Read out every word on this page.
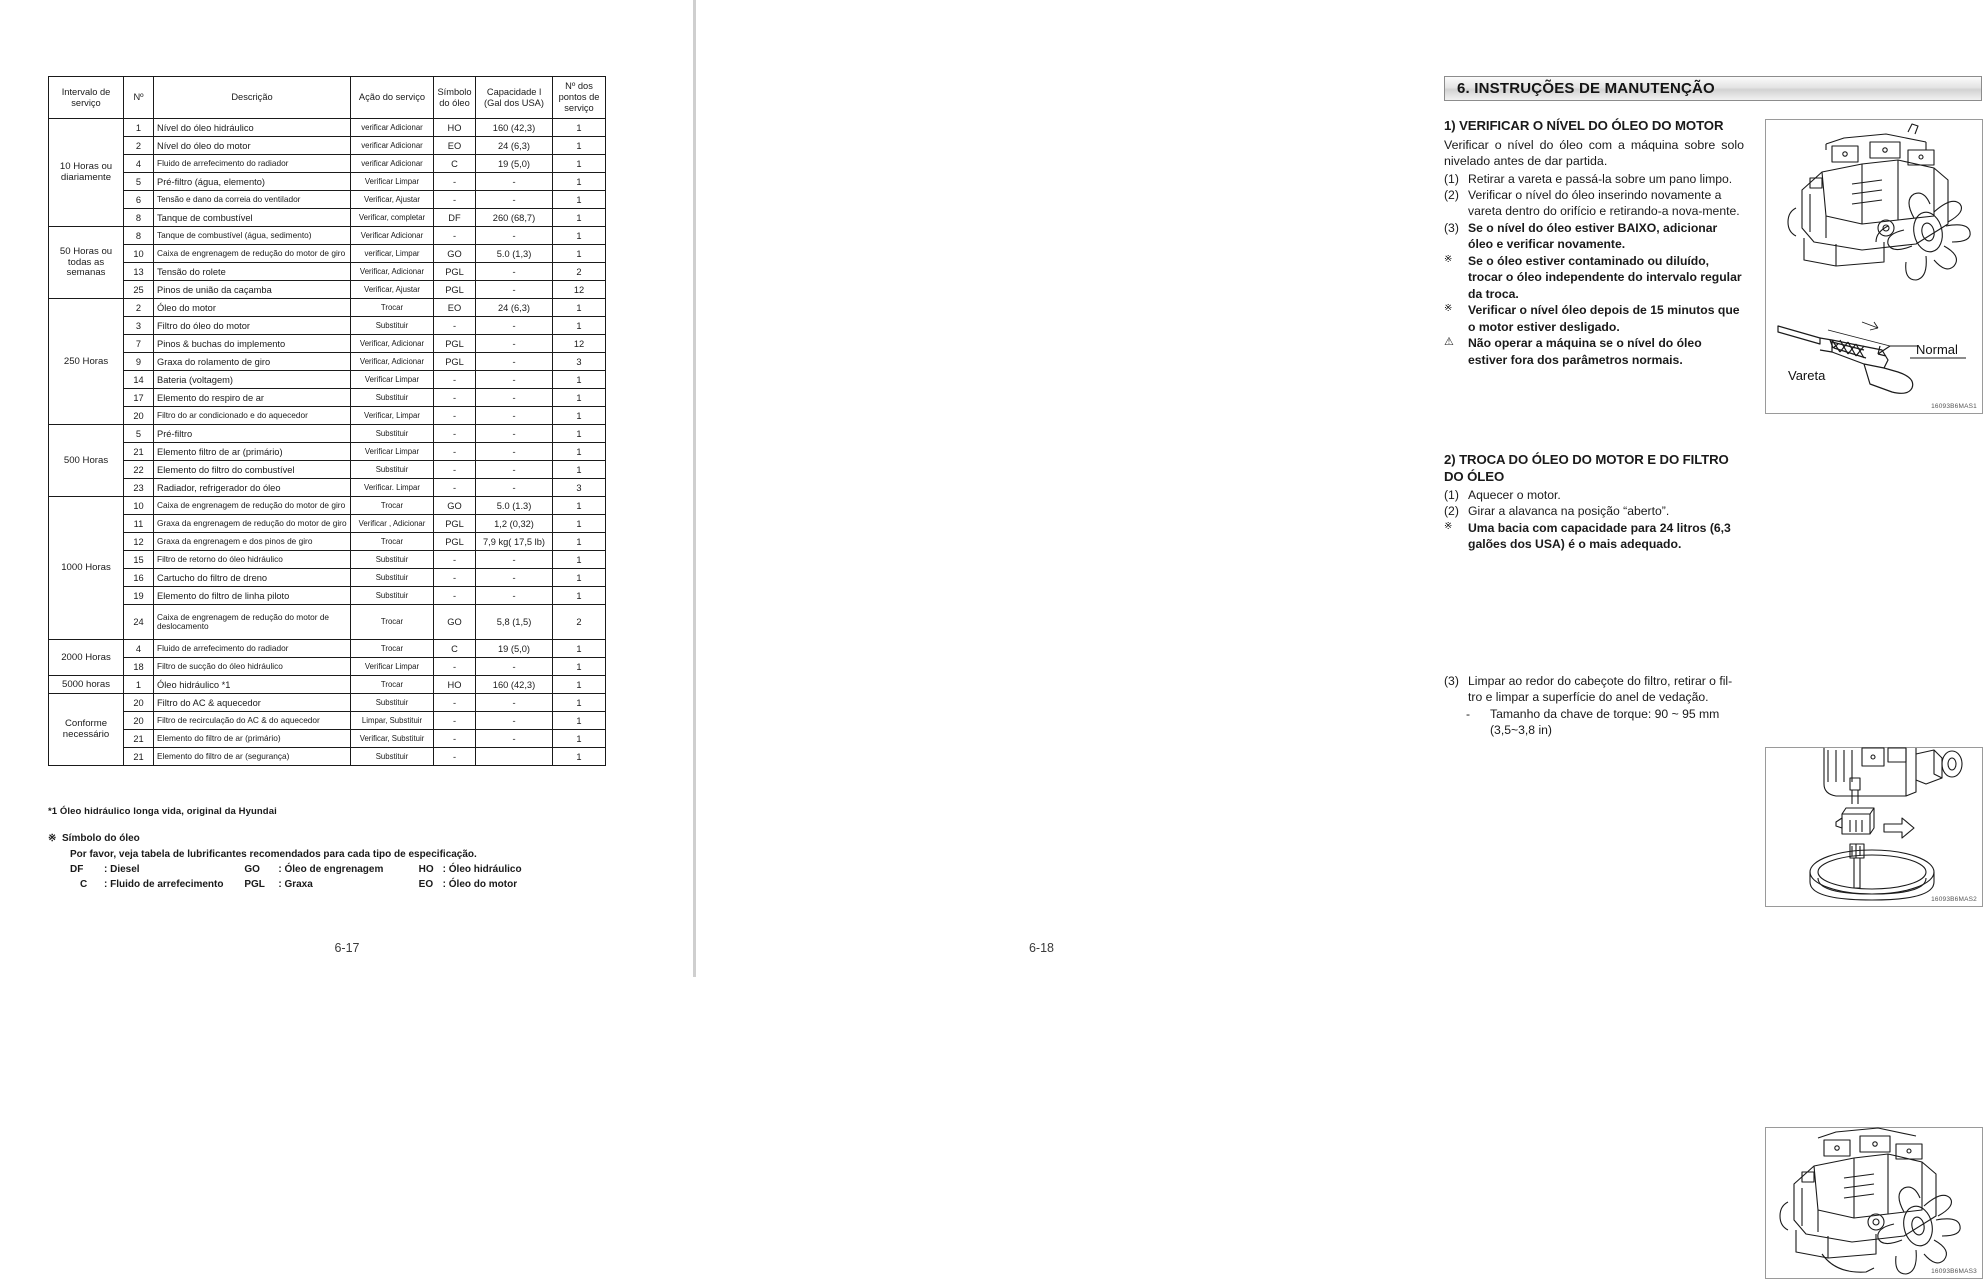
Intervalo de serviço	Nº	Descrição	Ação do serviço	Símbolo do óleo	Capacidade l (Gal dos USA)	Nº dos pontos de serviço
10 Horas ou diariamente	1	Nível do óleo hidráulico	verificar Adicionar	HO	160 (42,3)	1
	2	Nível do óleo do motor	verificar Adicionar	EO	24 (6,3)	1
	4	Fluido de arrefecimento do radiador	verificar Adicionar	C	19 (5,0)	1
	5	Pré-filtro (água, elemento)	Verificar Limpar	-	-	1
	6	Tensão e dano da correia do ventilador	Verificar, Ajustar	-	-	1
	8	Tanque de combustível	Verificar, completar	DF	260 (68,7)	1
50 Horas ou todas as semanas	8	Tanque de combustível (água, sedimento)	Verificar Adicionar	-	-	1
	10	Caixa de engrenagem de redução do motor de giro	verificar, Limpar	GO	5.0 (1,3)	1
	13	Tensão do rolete	Verificar, Adicionar	PGL	-	2
	25	Pinos de união da caçamba	Verificar, Ajustar	PGL	-	12
250 Horas	2	Óleo do motor	Trocar	EO	24 (6,3)	1
	3	Filtro do óleo do motor	Substituir	-	-	1
	7	Pinos & buchas do implemento	Verificar, Adicionar	PGL	-	12
	9	Graxa do rolamento de giro	Verificar, Adicionar	PGL	-	3
	14	Bateria (voltagem)	Verificar Limpar	-	-	1
	17	Elemento do respiro de ar	Substituir	-	-	1
	20	Filtro do ar condicionado e do aquecedor	Verificar, Limpar	-	-	1
500 Horas	5	Pré-filtro	Substituir	-	-	1
	21	Elemento filtro de ar (primário)	Verificar Limpar	-	-	1
	22	Elemento do filtro do combustível	Substituir	-	-	1
	23	Radiador, refrigerador do óleo	Verificar. Limpar	-	-	3
1000 Horas	10	Caixa de engrenagem de redução do motor de giro	Trocar	GO	5.0 (1.3)	1
	11	Graxa da engrenagem de redução do motor de giro	Verificar , Adicionar	PGL	1,2 (0,32)	1
	12	Graxa da engrenagem e dos pinos de giro	Trocar	PGL	7,9 kg( 17,5 lb)	1
	15	Filtro de retorno do óleo hidráulico	Substituir	-	-	1
	16	Cartucho do filtro de dreno	Substituir	-	-	1
	19	Elemento do filtro de linha piloto	Substituir	-	-	1
	24	Caixa de engrenagem de redução do motor de deslocamento	Trocar	GO	5,8 (1,5)	2
2000 Horas	4	Fluido de arrefecimento do radiador	Trocar	C	19 (5,0)	1
	18	Filtro de sucção do óleo hidráulico	Verificar Limpar	-	-	1
5000 horas	1	Óleo hidráulico *1	Trocar	HO	160 (42,3)	1
Conforme necessário	20	Filtro do AC & aquecedor	Substituir	-	-	1
	20	Filtro de recirculação do AC & do aquecedor	Limpar, Substituir	-	-	1
	21	Elemento do filtro de ar (primário)	Verificar, Substituir	-	-	1
	21	Elemento do filtro de ar (segurança)	Substituir	-		1
*1 Óleo hidráulico longa vida, original da Hyundai
※ Símbolo do óleo
Por favor, veja tabela de lubrificantes recomendados para cada tipo de especificação.
DF : Diesel	GO : Óleo de engrenagem	HO : Óleo hidráulico
C : Fluido de arrefecimento	PGL : Graxa	EO : Óleo do motor
6-17
6. INSTRUÇÕES DE MANUTENÇÃO
1) VERIFICAR O NÍVEL DO ÓLEO DO MOTOR

Verificar o nível do óleo com a máquina sobre solo nivelado antes de dar partida.

(1) Retirar a vareta e passá-la sobre um pano limpo.
(2) Verificar o nível do óleo inserindo novamente a vareta dentro do orifício e retirando-a nova-mente.
(3) Se o nível do óleo estiver BAIXO, adicionar óleo e verificar novamente.
※	Se o óleo estiver contaminado ou diluído, trocar o óleo independente do intervalo regular da troca.
※	Verificar o nível óleo depois de 15 minutos que o motor estiver desligado.
⚠	Não operar a máquina se o nível do óleo estiver fora dos parâmetros normais.
Normal
Vareta
16093B6MAS1
2) TROCA DO ÓLEO DO MOTOR E DO FILTRO DO ÓLEO
(1) Aquecer o motor.
(2) Girar a alavanca na posição “aberto”.
※	Uma bacia com capacidade para 24 litros (6,3 galões dos USA) é o mais adequado.
16093B6MAS2
(3) Limpar ao redor do cabeçote do filtro, retirar o fil-tro e limpar a superfície do anel de vedação.
-	Tamanho da chave de torque: 90 ~ 95 mm (3,5~3,8 in)
16093B6MAS3
6-18
